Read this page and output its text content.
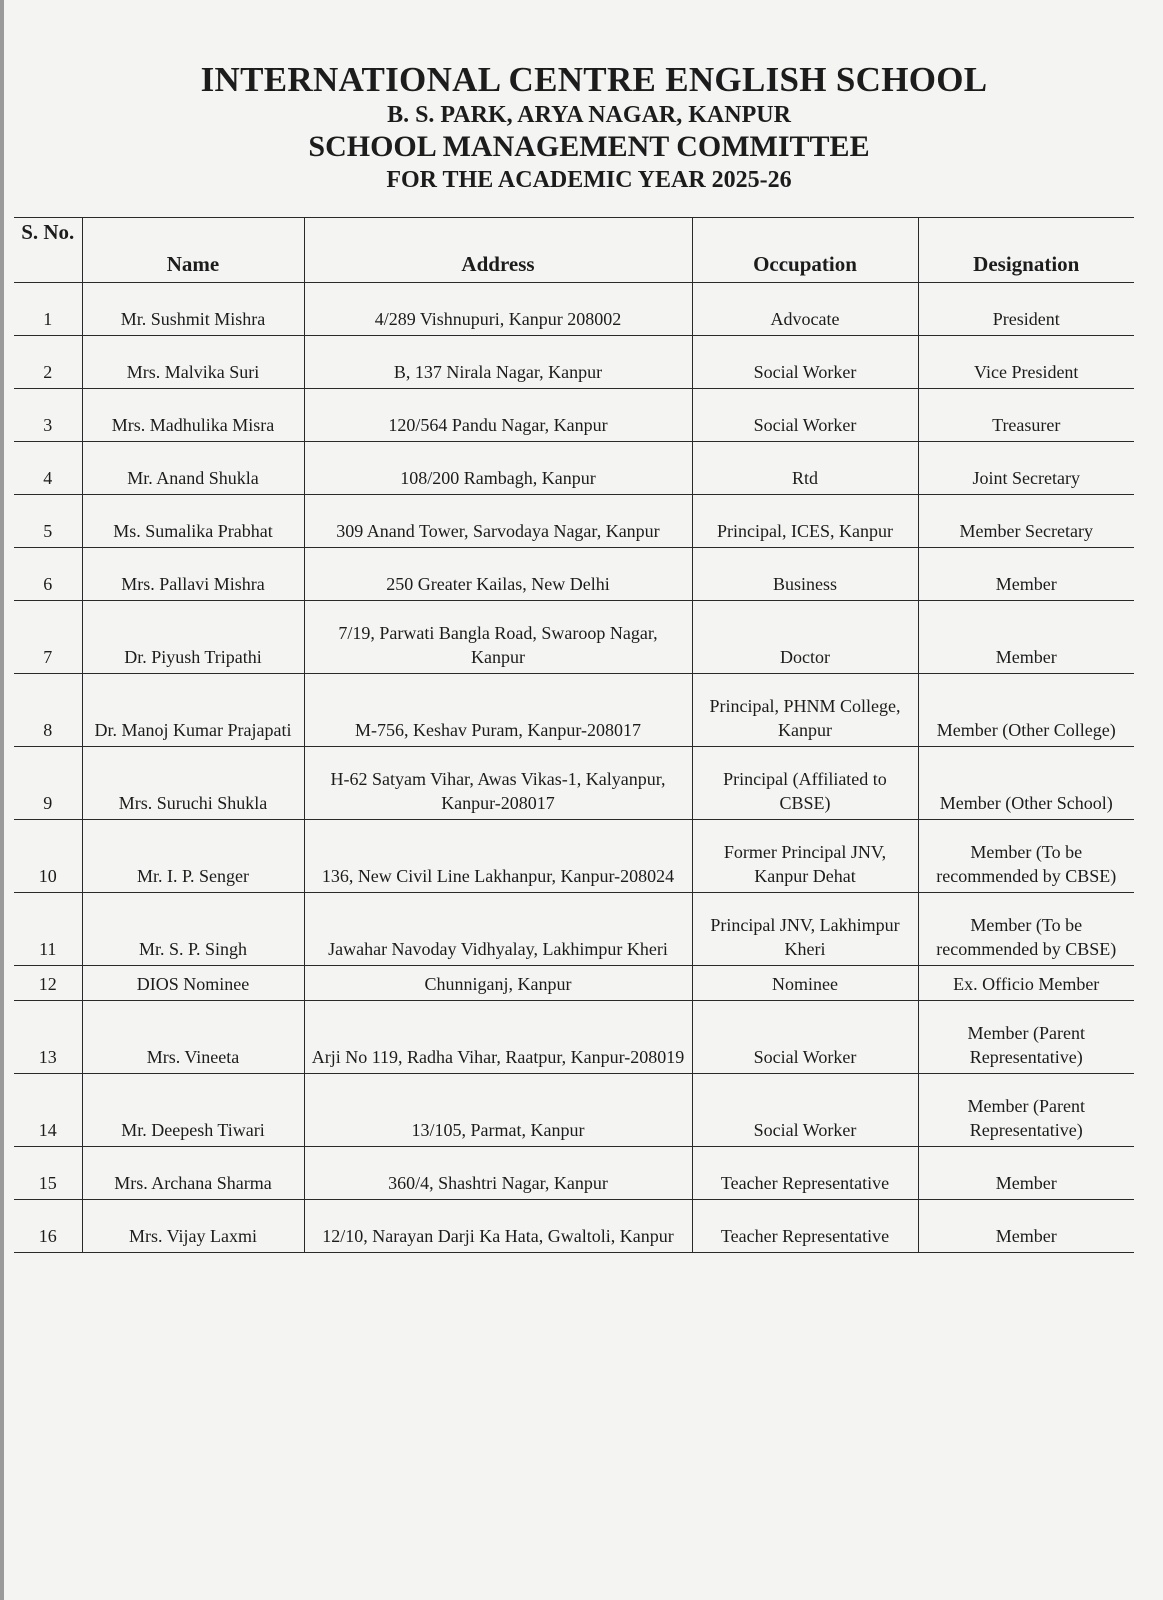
INTERNATIONAL CENTRE ENGLISH SCHOOL

B. S. PARK, ARYA NAGAR, KANPUR

SCHOOL MANAGEMENT COMMITTEE

FOR THE ACADEMIC YEAR 2025-26

S. No.	Name	Address	Occupation	Designation
1	Mr. Sushmit Mishra	4/289 Vishnupuri, Kanpur 208002	Advocate	President
2	Mrs. Malvika Suri	B, 137 Nirala Nagar, Kanpur	Social Worker	Vice President
3	Mrs. Madhulika Misra	120/564 Pandu Nagar, Kanpur	Social Worker	Treasurer
4	Mr. Anand Shukla	108/200 Rambagh, Kanpur	Rtd	Joint Secretary
5	Ms. Sumalika Prabhat	309 Anand Tower, Sarvodaya Nagar, Kanpur	Principal, ICES, Kanpur	Member Secretary
6	Mrs. Pallavi Mishra	250 Greater Kailas, New Delhi	Business	Member
7	Dr. Piyush Tripathi	7/19, Parwati Bangla Road, Swaroop Nagar, Kanpur	Doctor	Member
8	Dr. Manoj Kumar Prajapati	M-756, Keshav Puram, Kanpur-208017	Principal, PHNM College, Kanpur	Member (Other College)
9	Mrs. Suruchi Shukla	H-62 Satyam Vihar, Awas Vikas-1, Kalyanpur, Kanpur-208017	Principal (Affiliated to CBSE)	Member (Other School)
10	Mr. I. P. Senger	136, New Civil Line Lakhanpur, Kanpur-208024	Former Principal JNV, Kanpur Dehat	Member (To be recommended by CBSE)
11	Mr. S. P. Singh	Jawahar Navoday Vidhyalay, Lakhimpur Kheri	Principal JNV, Lakhimpur Kheri	Member (To be recommended by CBSE)
12	DIOS Nominee	Chunniganj, Kanpur	Nominee	Ex. Officio Member
13	Mrs. Vineeta	Arji No 119, Radha Vihar, Raatpur, Kanpur-208019	Social Worker	Member (Parent Representative)
14	Mr. Deepesh Tiwari	13/105, Parmat, Kanpur	Social Worker	Member (Parent Representative)
15	Mrs. Archana Sharma	360/4, Shashtri Nagar, Kanpur	Teacher Representative	Member
16	Mrs. Vijay Laxmi	12/10, Narayan Darji Ka Hata, Gwaltoli, Kanpur	Teacher Representative	Member
